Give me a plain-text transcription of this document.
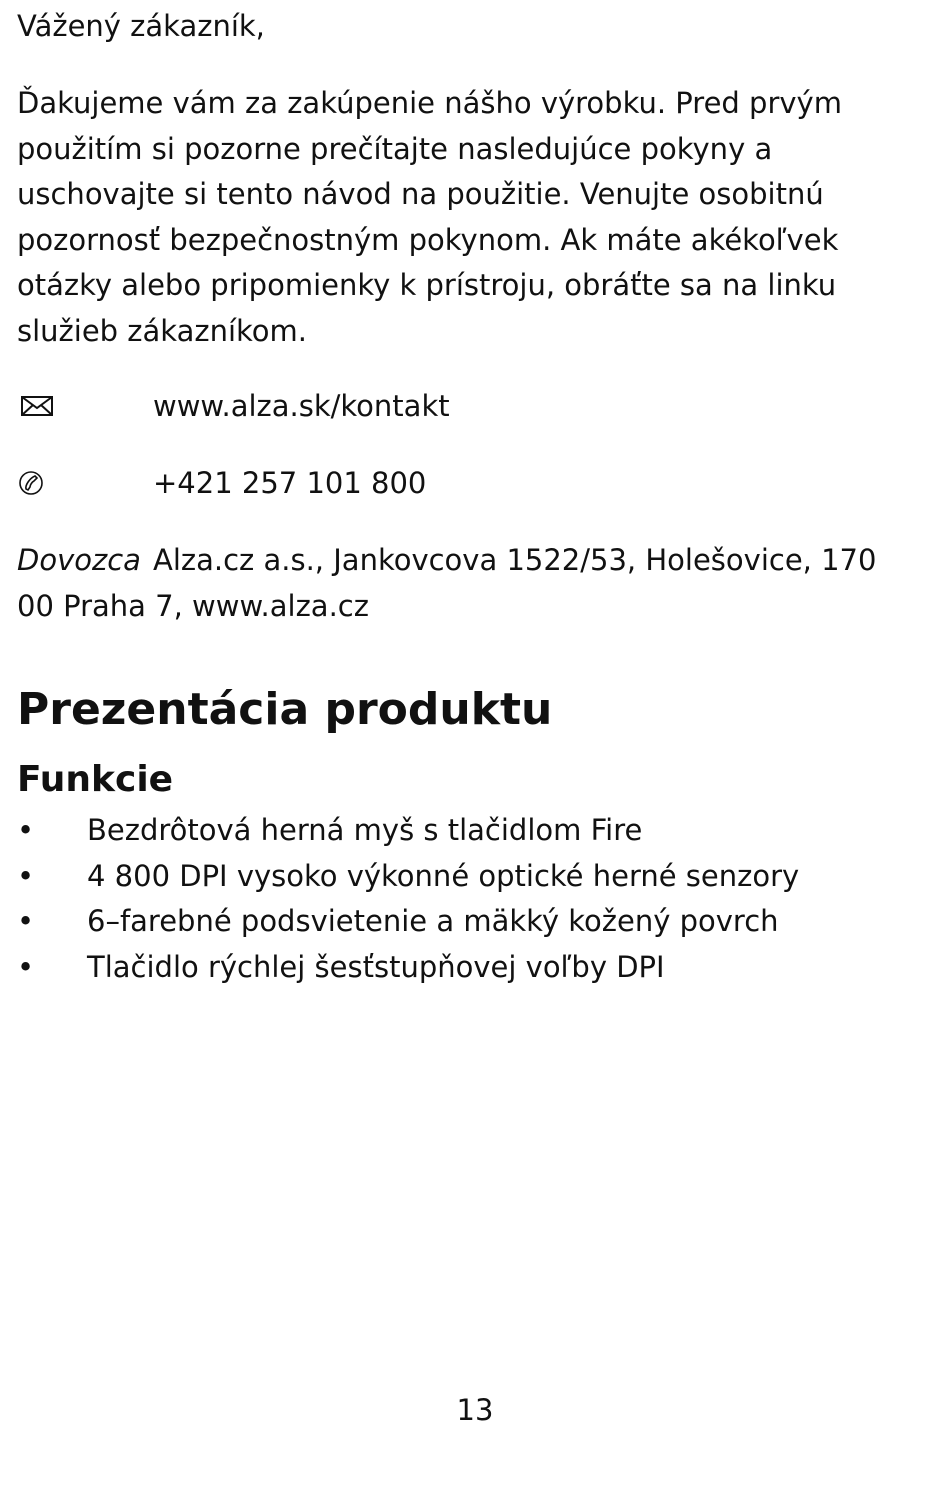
Vážený zákazník,

Ďakujeme vám za zakúpenie nášho výrobku. Pred prvým použitím si pozorne prečítajte nasledujúce pokyny a uschovajte si tento návod na použitie. Venujte osobitnú pozornosť bezpečnostným pokynom. Ak máte akékoľvek otázky alebo pripomienky k prístroju, obráťte sa na linku služieb zákazníkom.

www.alza.sk/kontakt
+421 257 101 800

Dovozca Alza.cz a.s., Jankovcova 1522/53, Holešovice, 170 00 Praha 7, www.alza.cz

Prezentácia produktu
Funkcie
• Bezdrôtová herná myš s tlačidlom Fire
• 4 800 DPI vysoko výkonné optické herné senzory
• 6–farebné podsvietenie a mäkký kožený povrch
• Tlačidlo rýchlej šesťstupňovej voľby DPI
13
